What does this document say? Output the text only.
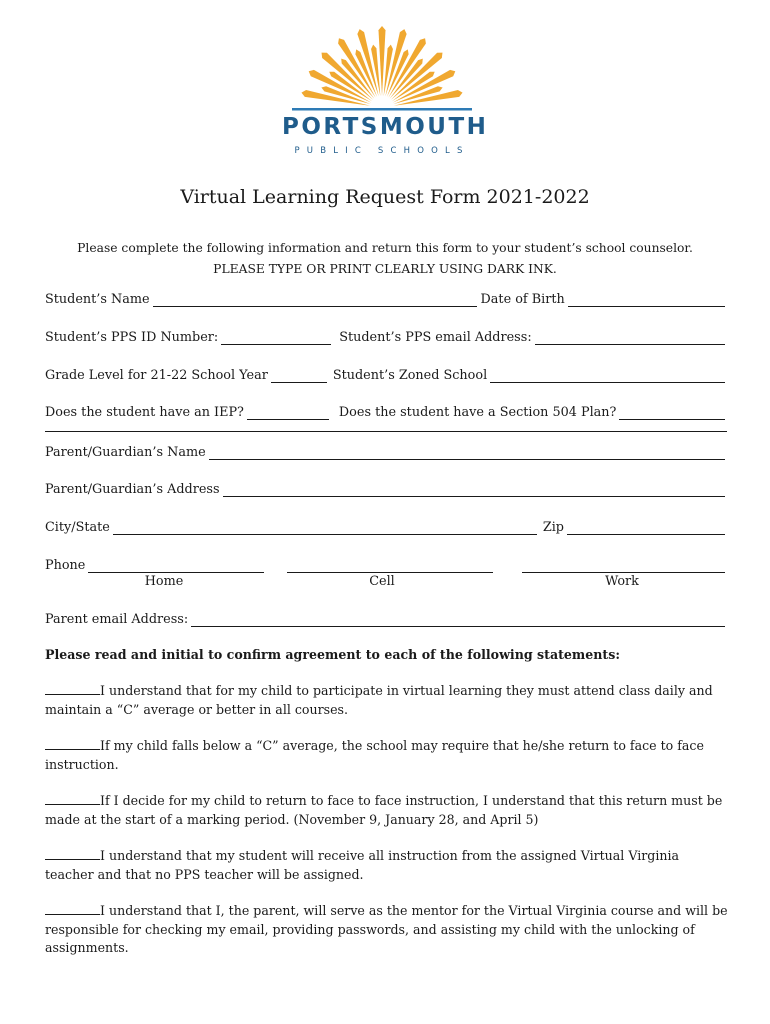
PORTSMOUTH
PUBLIC SCHOOLS
Virtual Learning Request Form 2021-2022
Please complete the following information and return this form to your student’s school counselor.
PLEASE TYPE OR PRINT CLEARLY USING DARK INK.
Student’s Name	Date of Birth
Student’s PPS ID Number:	Student’s PPS email Address:
Grade Level for 21-22 School Year	Student’s Zoned School
Does the student have an IEP?	Does the student have a Section 504 Plan?
Parent/Guardian’s Name
Parent/Guardian’s Address
City/State	Zip
Phone
Home	Cell	Work
Parent email Address:
Please read and initial to confirm agreement to each of the following statements:
I understand that for my child to participate in virtual learning they must attend class daily and maintain a “C” average or better in all courses.
If my child falls below a “C” average, the school may require that he/she return to face to face instruction.
If I decide for my child to return to face to face instruction, I understand that this return must be made at the start of a marking period. (November 9, January 28, and April 5)
I understand that my student will receive all instruction from the assigned Virtual Virginia teacher and that no PPS teacher will be assigned.
I understand that I, the parent, will serve as the mentor for the Virtual Virginia course and will be responsible for checking my email, providing passwords, and assisting my child with the unlocking of assignments.
